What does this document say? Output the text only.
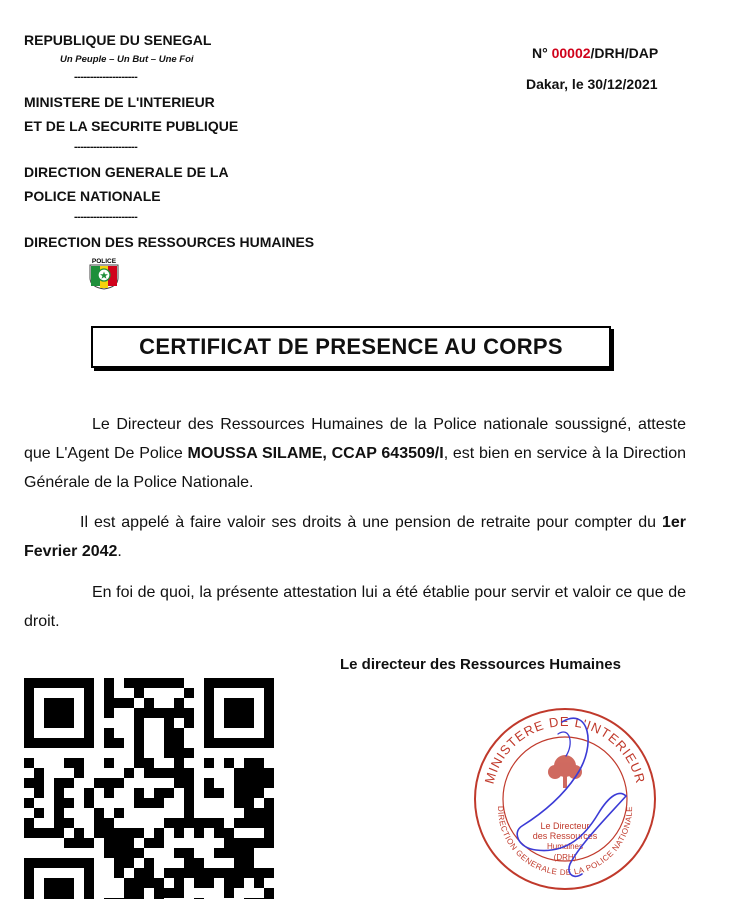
REPUBLIQUE DU SENEGAL
Un Peuple – Un But – Une Foi
--------------------
MINISTERE DE L'INTERIEUR
ET DE LA SECURITE PUBLIQUE
--------------------
DIRECTION GENERALE DE LA
POLICE NATIONALE
--------------------
DIRECTION DES RESSOURCES HUMAINES
POLICE
N° 00002/DRH/DAP
Dakar, le 30/12/2021
CERTIFICAT DE PRESENCE AU CORPS
Le Directeur des Ressources Humaines de la Police nationale soussigné, atteste que L'Agent De Police MOUSSA SILAME, CCAP 643509/I, est bien en service à la Direction Générale de la Police Nationale.
Il est appelé à faire valoir ses droits à une pension de retraite pour compter du 1er Fevrier 2042.
En foi de quoi, la présente attestation lui a été établie pour servir et valoir ce que de droit.
Le directeur des Ressources Humaines
MINISTERE DE L'INTERIEUR
DIRECTION GENERALE DE LA POLICE NATIONALE
Le Directeur
des Ressources
Humaines
(DRH)
